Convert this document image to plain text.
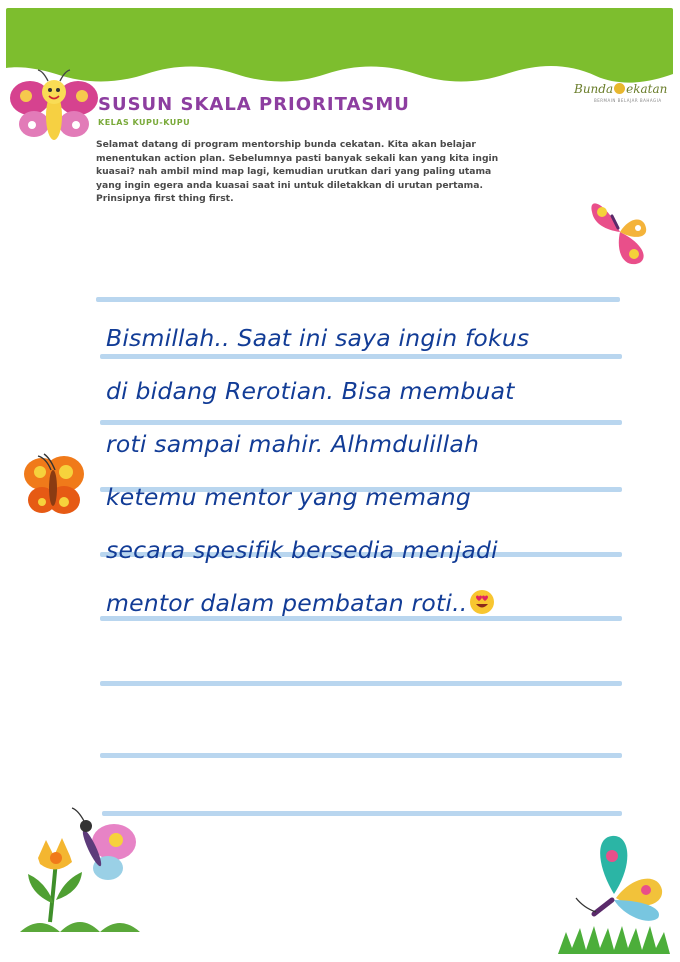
SUSUN SKALA PRIORITASMU
KELAS KUPU-KUPU
Bunda ekatan
BERMAIN BELAJAR BAHAGIA
Selamat datang di program mentorship bunda cekatan. Kita akan belajar
menentukan action plan. Sebelumnya pasti banyak sekali kan yang kita ingin
kuasai? nah ambil mind map lagi, kemudian urutkan dari yang paling utama
yang ingin egera anda kuasai saat ini untuk diletakkan di urutan pertama.
Prinsipnya first thing first.
Bismillah.. Saat ini saya ingin fokus
di bidang Rerotian. Bisa membuat
roti sampai mahir. Alhmdulillah
ketemu mentor yang memang
secara spesifik bersedia menjadi
mentor dalam pembatan roti..
